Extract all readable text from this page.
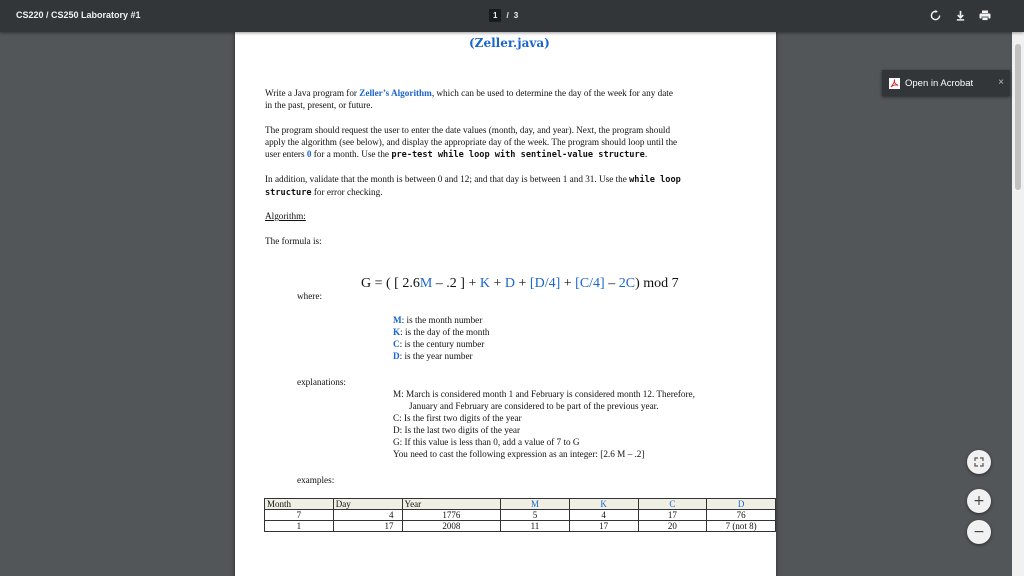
CS220 / CS250 Laboratory #1	1	/ 3
(Zeller.java)
Write a Java program for Zeller’s Algorithm, which can be used to determine the day of the week for any date
in the past, present, or future.
The program should request the user to enter the date values (month, day, and year). Next, the program should
apply the algorithm (see below), and display the appropriate day of the week. The program should loop until the
user enters 0 for a month. Use the pre-test while loop with sentinel-value structure.
In addition, validate that the month is between 0 and 12; and that day is between 1 and 31. Use the while loop
structure for error checking.
Algorithm:
The formula is:
G = ( [ 2.6M – .2 ] + K + D + [D/4] + [C/4] – 2C) mod 7
where:
M: is the month number
K: is the day of the month
C: is the century number
D: is the year number
explanations:
M: March is considered month 1 and February is considered month 12. Therefore,
January and February are considered to be part of the previous year.
C: Is the first two digits of the year
D: Is the last two digits of the year
G: If this value is less than 0, add a value of 7 to G
You need to cast the following expression as an integer: [2.6 M – .2]
examples:
Month	Day	Year	M	K	C	D
7	4	1776	5	4	17	76
1	17	2008	11	17	20	7 (not 8)
Open in Acrobat	×
+
−
